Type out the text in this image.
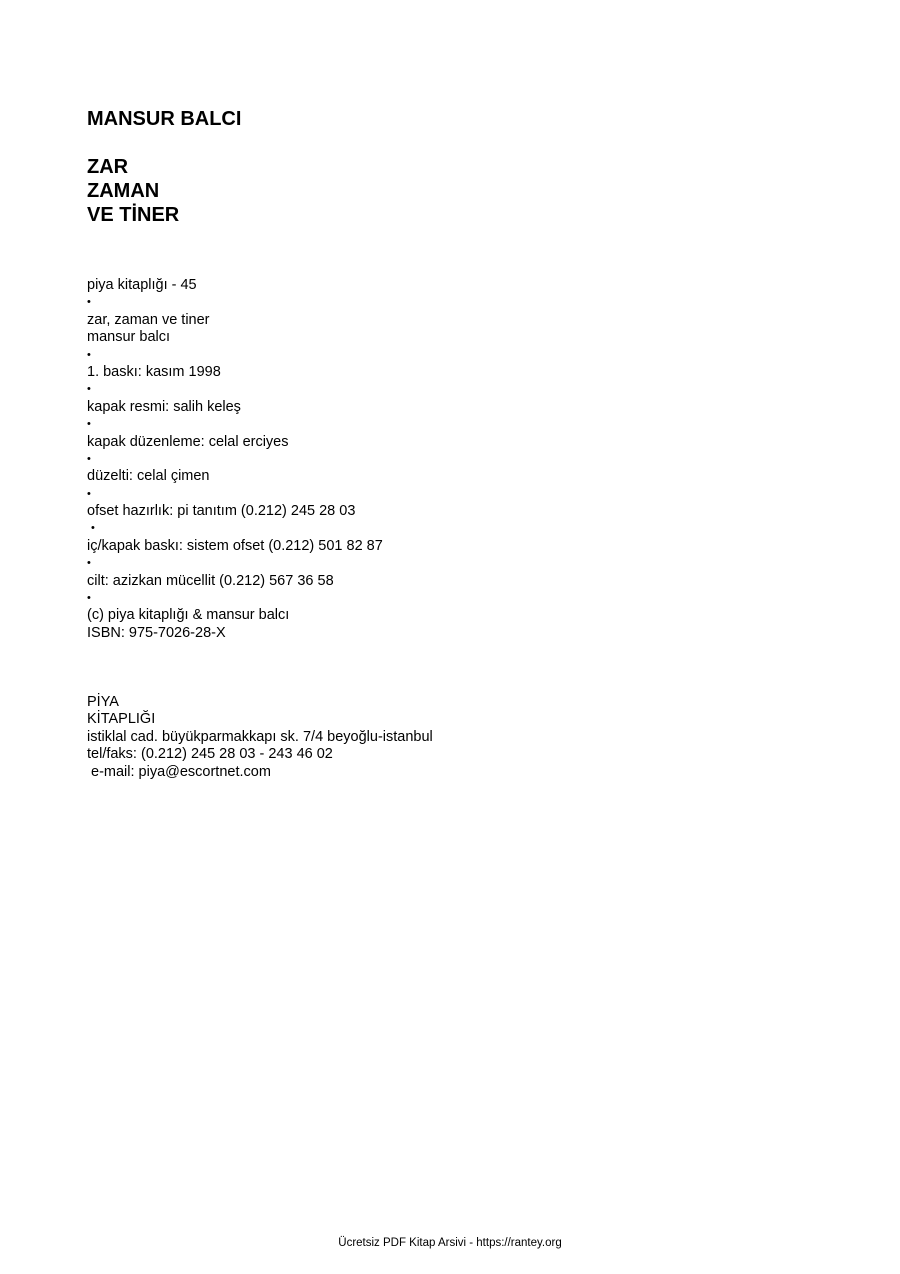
MANSUR BALCI
ZAR
ZAMAN
VE TİNER
piya kitaplığı - 45
•
zar, zaman ve tiner
mansur balcı
•
1. baskı: kasım 1998
•
kapak resmi: salih keleş
•
kapak düzenleme: celal erciyes
•
düzelti: celal çimen
•
ofset hazırlık: pi tanıtım (0.212) 245 28 03
•
iç/kapak baskı: sistem ofset (0.212) 501 82 87
•
cilt: azizkan mücellit (0.212) 567 36 58
•
(c) piya kitaplığı & mansur balcı
ISBN: 975-7026-28-X
PİYA
KİTAPLIĞI
istiklal cad. büyükparmakkapı sk. 7/4 beyoğlu-istanbul
tel/faks: (0.212) 245 28 03 - 243 46 02
e-mail: piya@escortnet.com
Ücretsiz PDF Kitap Arsivi - https://rantey.org
